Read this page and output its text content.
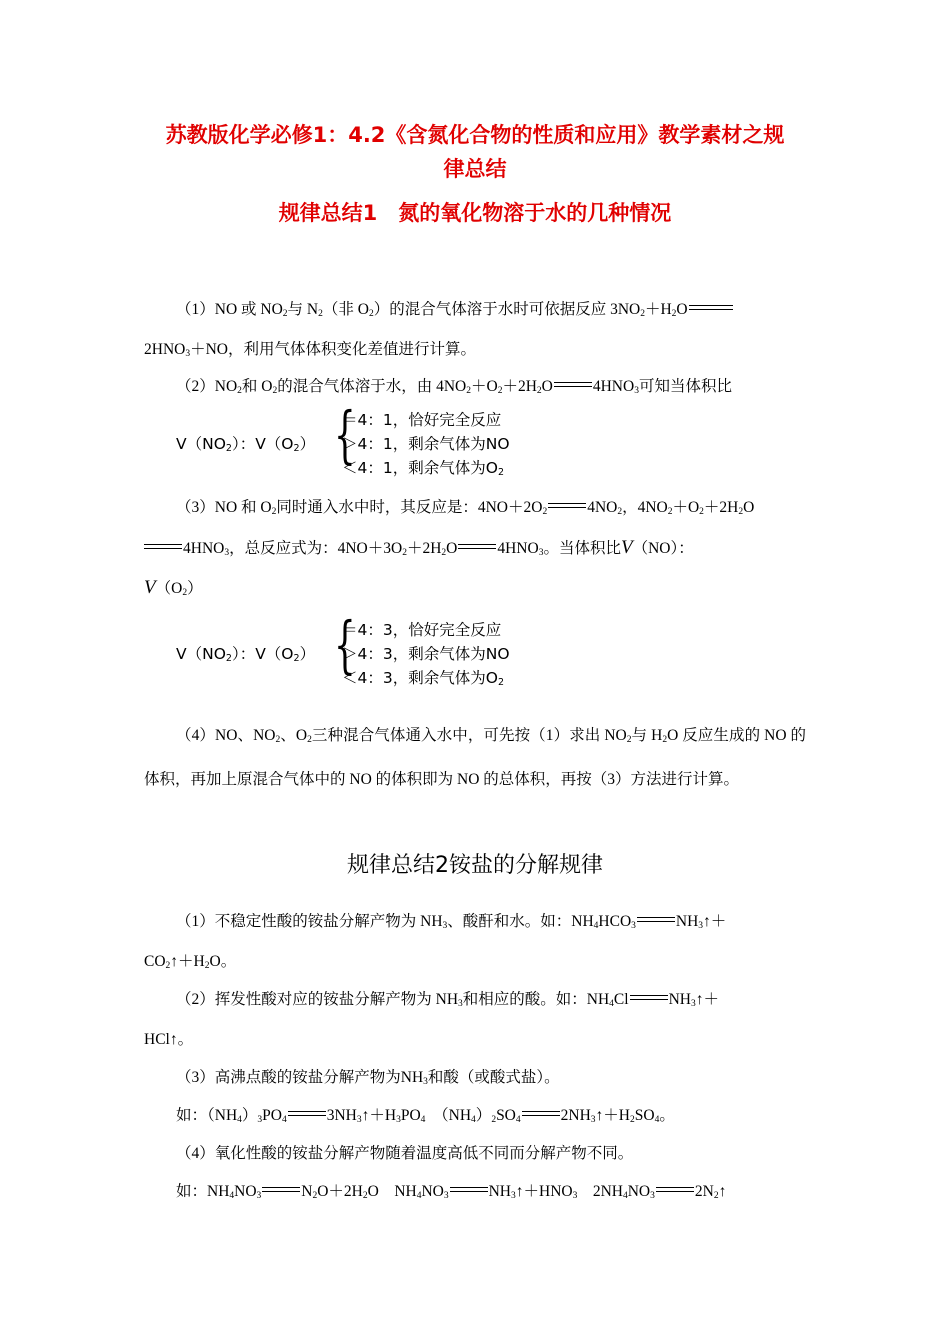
苏教版化学必修1：4.2《含氮化合物的性质和应用》教学素材之规
律总结
规律总结1　氮的氧化物溶于水的几种情况
（1）NO 或 $NO_2$与 $N_2$（非 $O_2$）的混合气体溶于水时可依据反应 $3NO_2+H_2O$
$2HNO_3+NO$，利用气体体积变化差值进行计算。
$(2)NO_2$和 $O_2$的混合气体溶于水，由 $4NO_2+O_2+2H_2O$	$4HNO_3$可知当体积比
$V(NO_2)$：$V(O_2)$ {
＝4：1，恰好完全反应
＞4：1，剩余气体为NO
＜4：1，剩余气体为$O_2$
（3）NO 和 $O_2$同时通入水中时，其反应是：$4NO+2O_2$	$4NO_2$，$4NO_2+O_2+2H_2O$
$4HNO_3$，总反应式为：$4NO+3O_2+2H_2O$	$4HNO_3$。当体积比V（NO）：
$V(O_2)$
$V(NO_2)$：$V(O_2)$ {
＝4：3，恰好完全反应
＞4：3，剩余气体为NO
＜4：3，剩余气体为$O_2$
（4）NO、$NO_2$、$O_2$三种混合气体通入水中，可先按（1）求出 $NO_2$与 $H_2O$ 反应生成的 NO 的体积，再加上原混合气体中的 NO 的体积即为 NO 的总体积，再按（3）方法进行计算。
规律总结2铵盐的分解规律
（1）不稳定性酸的铵盐分解产物为 $NH_3$、酸酐和水。如：$NH_4HCO_3$	$NH_3↑+$
$CO_2↑+H_2O$。
（2）挥发性酸对应的铵盐分解产物为 $NH_3$和相应的酸。如：$NH_4Cl$	$NH_3↑+$
HCl↑。
（3）高沸点酸的铵盐分解产物为$NH_3$和酸（或酸式盐）。
如：$(NH_4)_3PO_4$	$3NH_3↑+H_3PO_4$　$(NH_4)_2SO_4$	$2NH_3↑+H_2SO_4$。
（4）氧化性酸的铵盐分解产物随着温度高低不同而分解产物不同。
如：$NH_4NO_3$	$N_2O+2H_2O$　$NH_4NO_3$	$NH_3↑+HNO_3$　$2NH_4NO_3$	$2N_2↑$
